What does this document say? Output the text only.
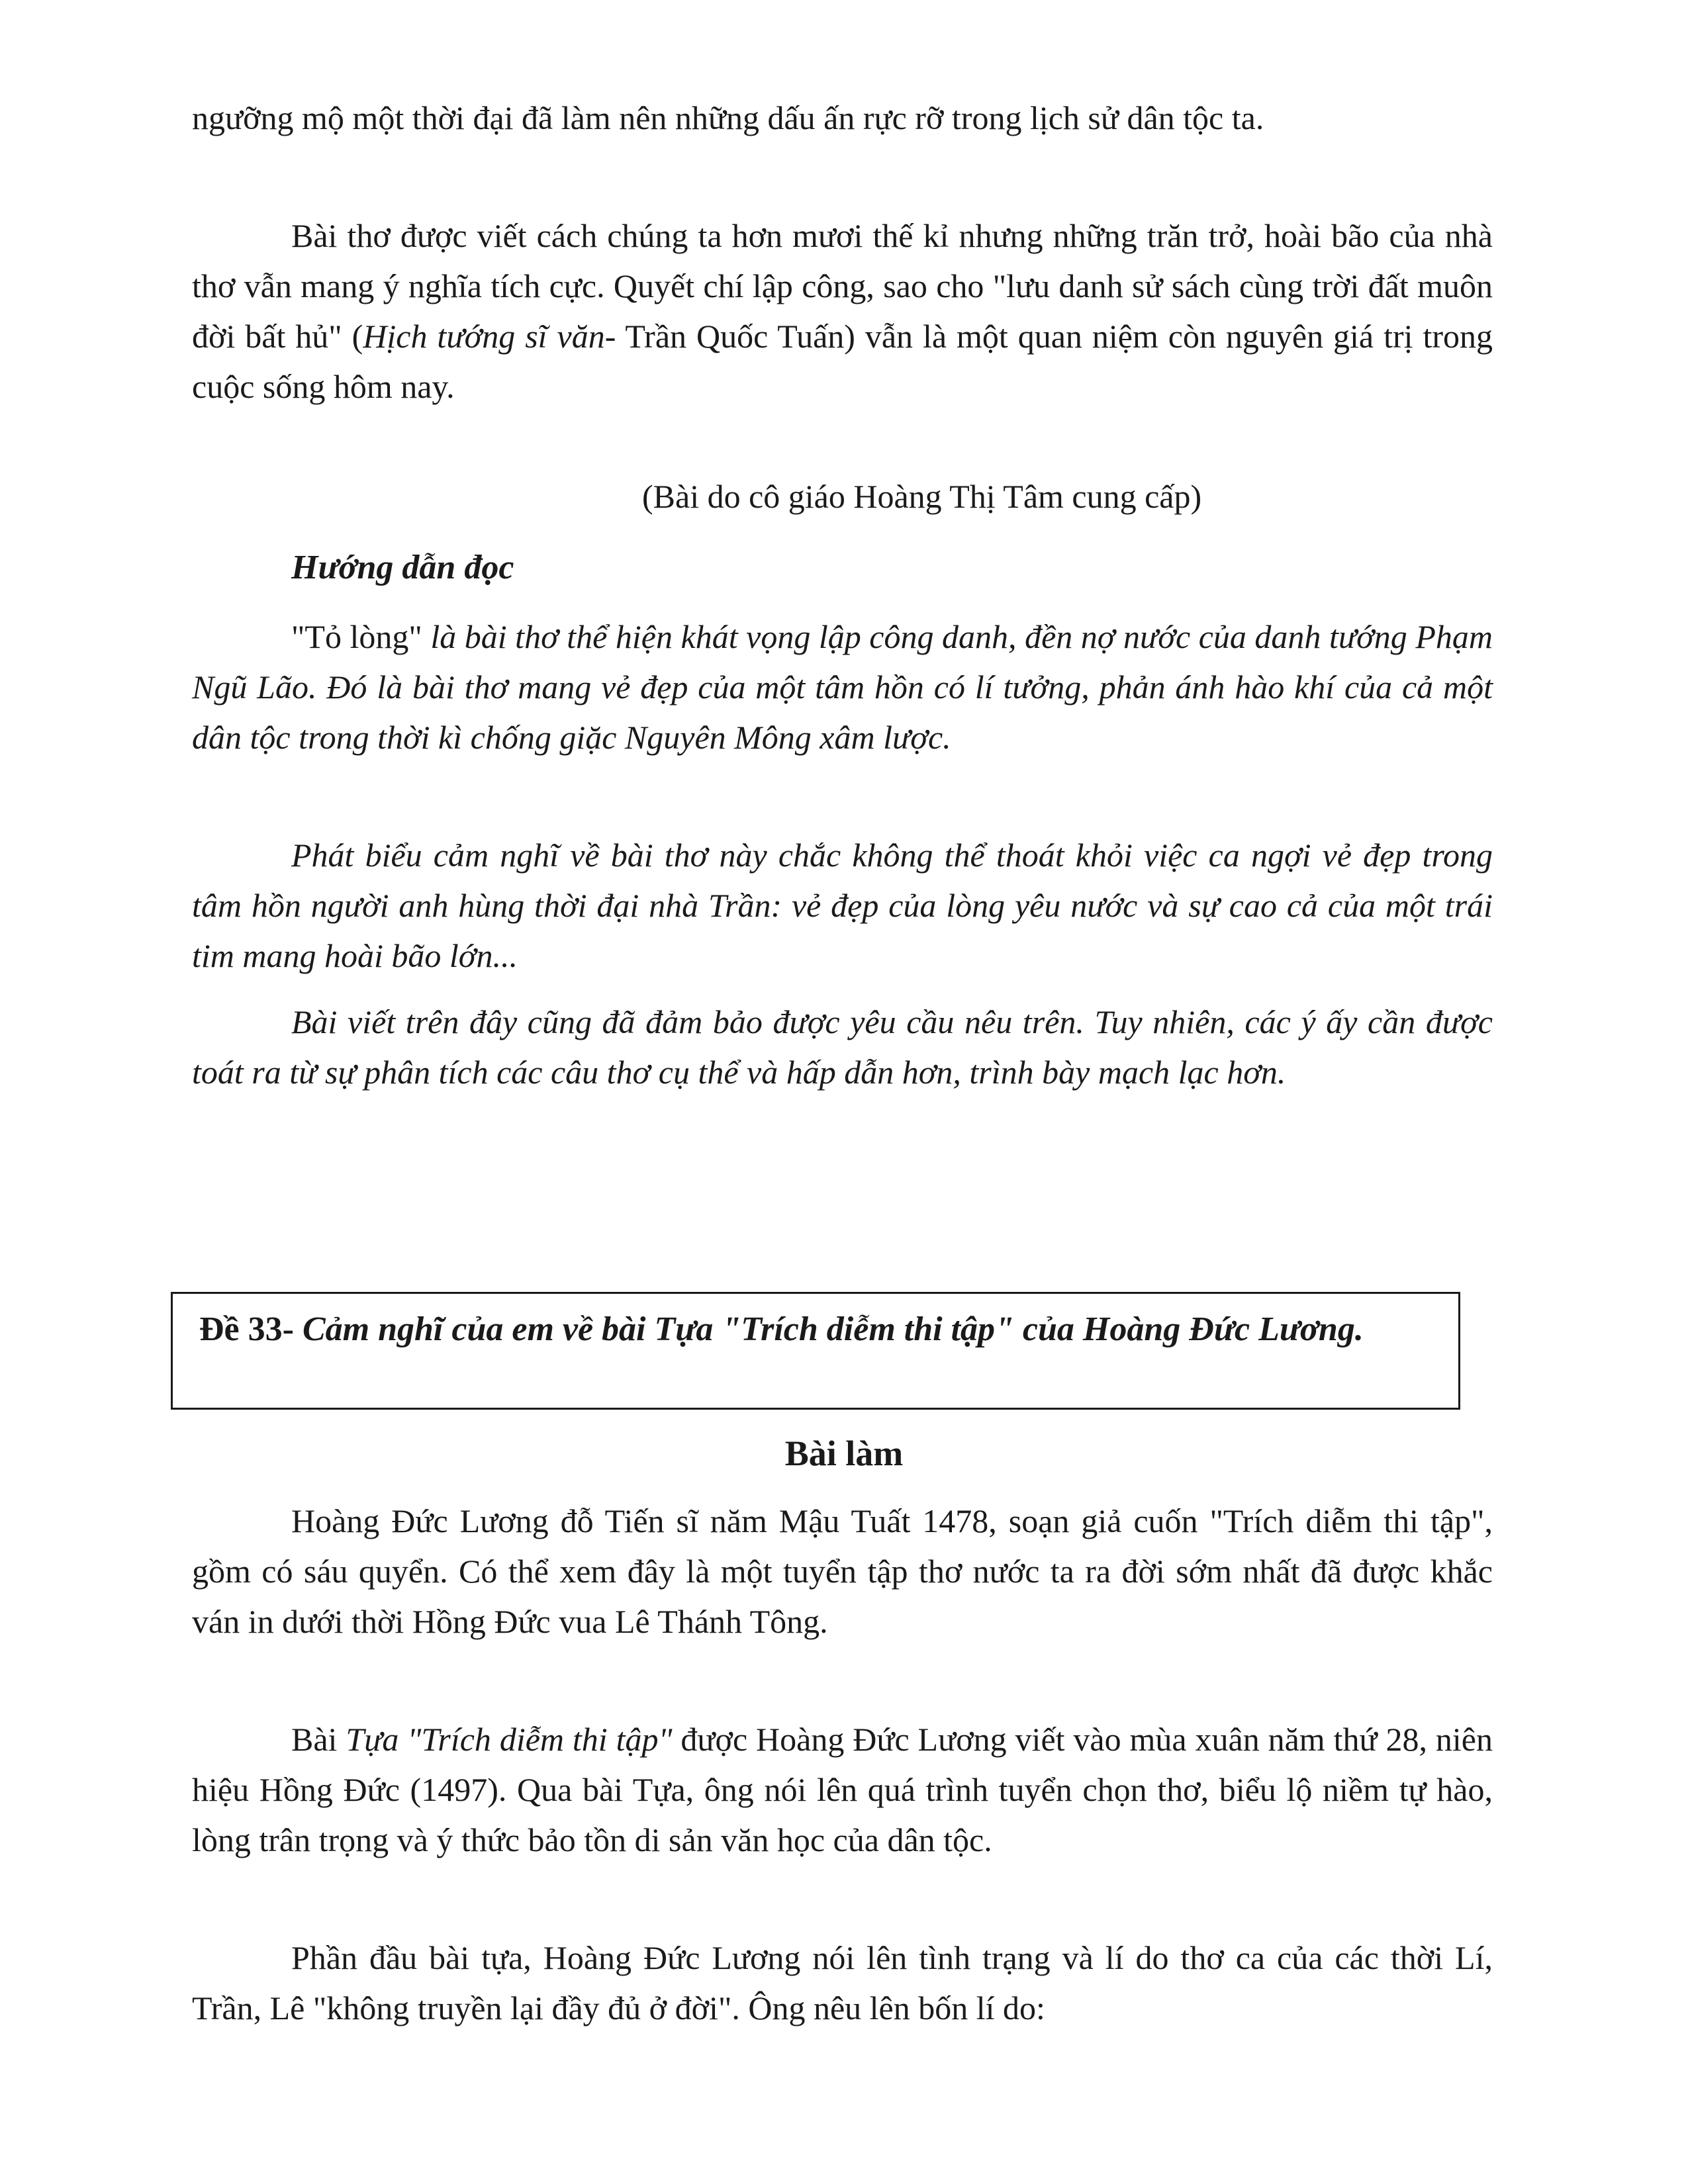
ngưỡng mộ một thời đại đã làm nên những dấu ấn rực rỡ trong lịch sử dân tộc ta.

Bài thơ được viết cách chúng ta hơn mươi thế kỉ nhưng những trăn trở, hoài bão của nhà thơ vẫn mang ý nghĩa tích cực. Quyết chí lập công, sao cho "lưu danh sử sách cùng trời đất muôn đời bất hủ" (Hịch tướng sĩ văn- Trần Quốc Tuấn) vẫn là một quan niệm còn nguyên giá trị trong cuộc sống hôm nay.

(Bài do cô giáo Hoàng Thị Tâm cung cấp)

Hướng dẫn đọc

"Tỏ lòng" là bài thơ thể hiện khát vọng lập công danh, đền nợ nước của danh tướng Phạm Ngũ Lão. Đó là bài thơ mang vẻ đẹp của một tâm hồn có lí tưởng, phản ánh hào khí của cả một dân tộc trong thời kì chống giặc Nguyên Mông xâm lược.

Phát biểu cảm nghĩ về bài thơ này chắc không thể thoát khỏi việc ca ngợi vẻ đẹp trong tâm hồn người anh hùng thời đại nhà Trần: vẻ đẹp của lòng yêu nước và sự cao cả của một trái tim mang hoài bão lớn...

Bài viết trên đây cũng đã đảm bảo được yêu cầu nêu trên. Tuy nhiên, các ý ấy cần được toát ra từ sự phân tích các câu thơ cụ thể và hấp dẫn hơn, trình bày mạch lạc hơn.

Đề 33- Cảm nghĩ của em về bài Tựa "Trích diễm thi tập" của Hoàng Đức Lương.
Bài làm

Hoàng Đức Lương đỗ Tiến sĩ năm Mậu Tuất 1478, soạn giả cuốn "Trích diễm thi tập", gồm có sáu quyển. Có thể xem đây là một tuyển tập thơ nước ta ra đời sớm nhất đã được khắc ván in dưới thời Hồng Đức vua Lê Thánh Tông.

Bài Tựa "Trích diễm thi tập" được Hoàng Đức Lương viết vào mùa xuân năm thứ 28, niên hiệu Hồng Đức (1497). Qua bài Tựa, ông nói lên quá trình tuyển chọn thơ, biểu lộ niềm tự hào, lòng trân trọng và ý thức bảo tồn di sản văn học của dân tộc.

Phần đầu bài tựa, Hoàng Đức Lương nói lên tình trạng và lí do thơ ca của các thời Lí, Trần, Lê "không truyền lại đầy đủ ở đời". Ông nêu lên bốn lí do:
